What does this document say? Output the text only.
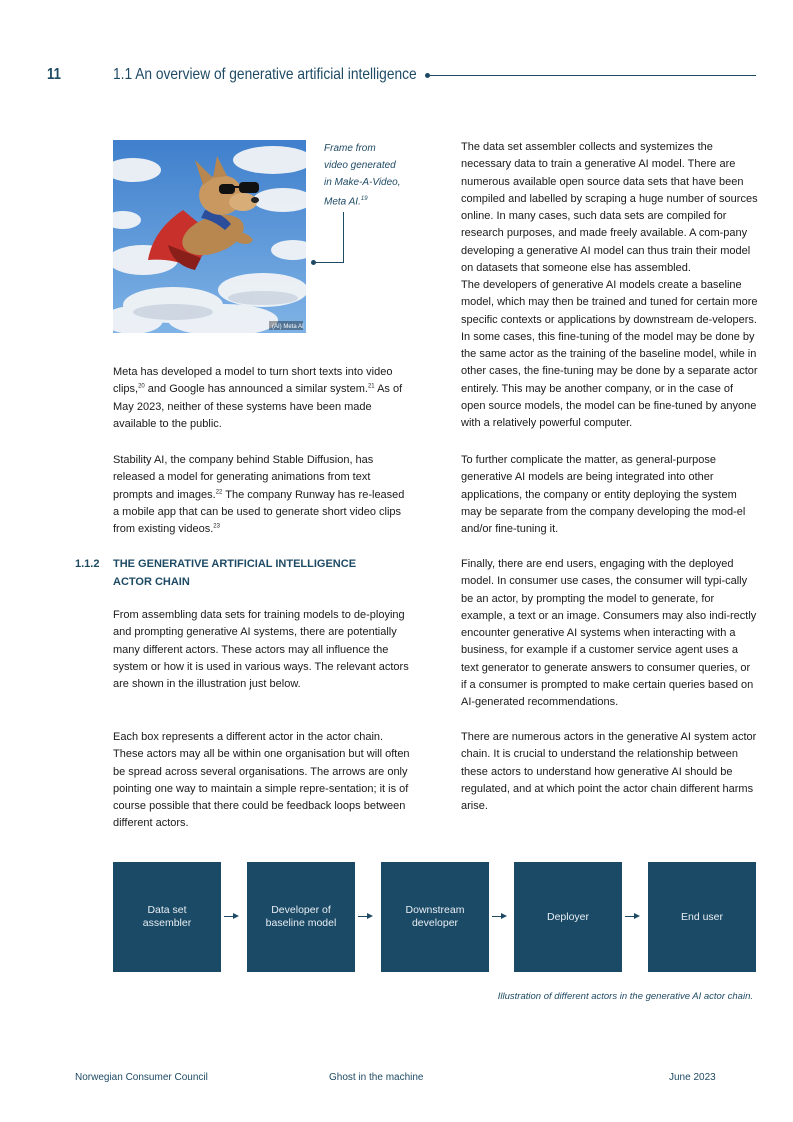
11	1.1 An overview of generative artificial intelligence
(AI) Meta AI
Frame from
video generated
in Make-A-Video,
Meta AI.$^{19}$

Meta has developed a model to turn short texts into video clips,$^{20}$ and Google has announced a similar system.$^{21}$ As of May 2023, neither of these systems have been made available to the public.

Stability AI, the company behind Stable Diffusion, has released a model for generating animations from text prompts and images.$^{22}$ The company Runway has re-leased a mobile app that can be used to generate short video clips from existing videos.$^{23}$

1.1.2 THE GENERATIVE ARTIFICIAL INTELLIGENCE ACTOR CHAIN

From assembling data sets for training models to de-ploying and prompting generative AI systems, there are potentially many different actors. These actors may all influence the system or how it is used in various ways. The relevant actors are shown in the illustration just below.

Each box represents a different actor in the actor chain. These actors may all be within one organisation but will often be spread across several organisations. The arrows are only pointing one way to maintain a simple repre-sentation; it is of course possible that there could be feedback loops between different actors.

The data set assembler collects and systemizes the necessary data to train a generative AI model. There are numerous available open source data sets that have been compiled and labelled by scraping a huge number of sources online. In many cases, such data sets are compiled for research purposes, and made freely available. A com-pany developing a generative AI model can thus train their model on datasets that someone else has assembled.

The developers of generative AI models create a baseline model, which may then be trained and tuned for certain more specific contexts or applications by downstream de-velopers. In some cases, this fine-tuning of the model may be done by the same actor as the training of the baseline model, while in other cases, the fine-tuning may be done by a separate actor entirely. This may be another company, or in the case of open source models, the model can be fine-tuned by anyone with a relatively powerful computer.

To further complicate the matter, as general-purpose generative AI models are being integrated into other applications, the company or entity deploying the system may be separate from the company developing the mod-el and/or fine-tuning it.

Finally, there are end users, engaging with the deployed model. In consumer use cases, the consumer will typi-cally be an actor, by prompting the model to generate, for example, a text or an image. Consumers may also indi-rectly encounter generative AI systems when interacting with a business, for example if a customer service agent uses a text generator to generate answers to consumer queries, or if a consumer is prompted to make certain queries based on AI-generated recommendations.

There are numerous actors in the generative AI system actor chain. It is crucial to understand the relationship between these actors to understand how generative AI should be regulated, and at which point the actor chain different harms arise.

Data set assembler
Developer of baseline model
Downstream developer
Deployer	End user
Illustration of different actors in the generative AI actor chain.
Norwegian Consumer Council	Ghost in the machine	June 2023
